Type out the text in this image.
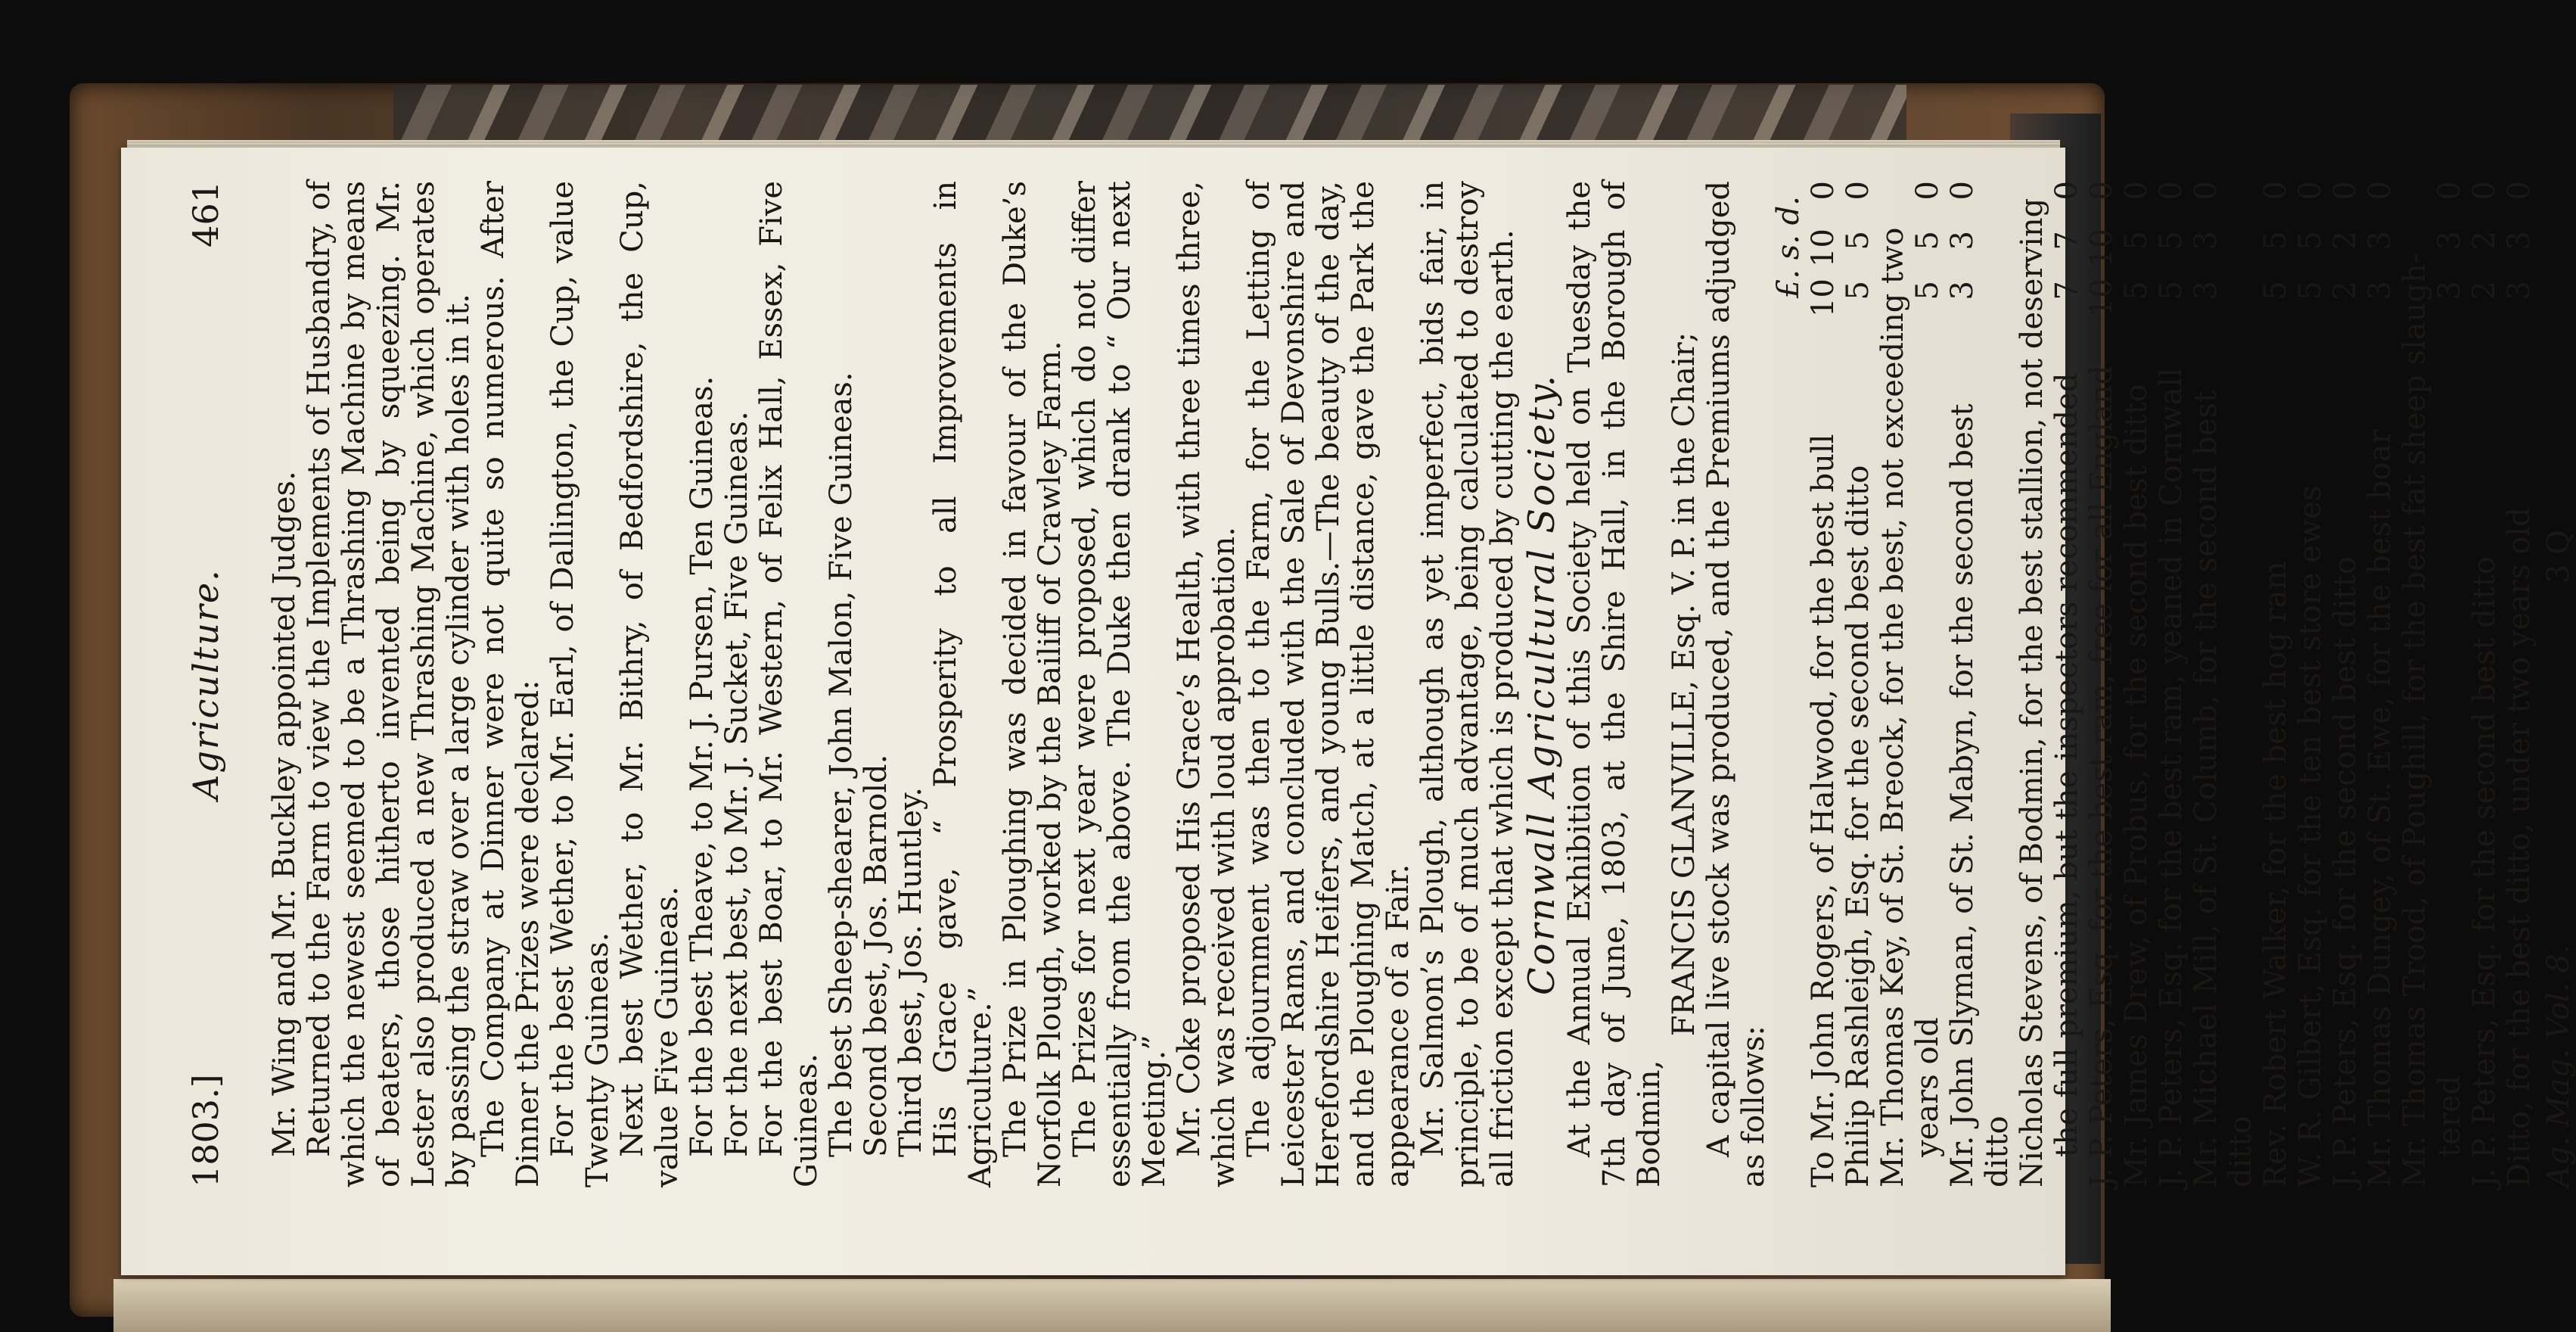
1803.]
Agriculture.
461

Mr. Wing and Mr. Buckley appointed Judges. Returned to the Farm to view the Implements of Husbandry, of which the newest seemed to be a Thrashing Machine by means of beaters, those hitherto invented being by squeezing. Mr. Lester also produced a new Thrashing Machine, which operates by passing the straw over a large cylinder with holes in it. The Company at Dinner were not quite so numerous. After Dinner the Prizes were declared: For the best Wether, to Mr. Earl, of Dallington, the Cup, value Twenty Guineas. Next best Wether, to Mr. Bithry, of Bedfordshire, the Cup, value Five Guineas. For the best Theave, to Mr. J. Pursen, Ten Guineas. For the next best, to Mr. J. Sucket, Five Guineas. For the best Boar, to Mr. Western, of Felix Hall, Essex, Five Guineas. The best Sheep-shearer, John Malon, Five Guineas. Second best, Jos. Barnold. Third best, Jos. Huntley. His Grace gave, “ Prosperity to all Improvements in Agriculture.” The Prize in Ploughing was decided in favour of the Duke’s Norfolk Plough, worked by the Bailiff of Crawley Farm. The Prizes for next year were proposed, which do not differ essentially from the above. The Duke then drank to “ Our next Meeting.” Mr. Coke proposed His Grace’s Health, with three times three, which was received with loud approbation. The adjournment was then to the Farm, for the Letting of Leicester Rams, and concluded with the Sale of Devonshire and Herefordshire Heifers, and young Bulls.—The beauty of the day, and the Ploughing Match, at a little distance, gave the Park the appearance of a Fair. Mr. Salmon’s Plough, although as yet imperfect, bids fair, in principle, to be of much advantage, being calculated to destroy all friction except that which is produced by cutting the earth. Cornwall Agricultural Society. At the Annual Exhibition of this Society held on Tuesday the 7th day of June, 1803, at the Shire Hall, in the Borough of Bodmin,

FRANCIS GLANVILLE, Esq. V. P. in the Chair; A capital live stock was produced, and the Premiums adjudged as follows:

£. s. d.
To Mr. John Rogers, of Halwood, for the best bull
10
10
0
Philip Rashleigh, Esq. for the second best ditto
5
5
0
Mr. Thomas Key, of St. Breock, for the best, not exceeding two years old
5
5
0
Mr. John Slyman, of St. Mabyn, for the second best ditto
3
3
0
Nicholas Stevens, of Bodmin, for the best stallion, not deserving the full premium, but the inspectors recommended
7
7
0
J. P. Peters, Esq. for the best ram, free for all England
10
10
0
Mr. James Drew, of Probus, for the second best ditto
5
5
0
J. P. Peters, Esq. for the best ram, yeaned in Cornwall
5
5
0
Mr. Michael Mill, of St. Columb, for the second best ditto
3
3
0
Rev. Robert Walker, for the best hog ram
5
5
0
W. R. Gilbert, Esq. for the ten best store ewes
5
5
0
J. P. Peters, Esq. for the second best ditto
2
2
0
Mr. Thomas Dungey, of St. Ewe, for the best boar
3
3
0
Mr. Thomas Trood, of Poughill, for the best fat sheep slaugh- tered
3
3
0
J. P. Peters, Esq. for the second best ditto
2
2
0
Ditto, for the best ditto, under two years old
3
3
0
Ag. Mag. Vol. 8.
3 Q
